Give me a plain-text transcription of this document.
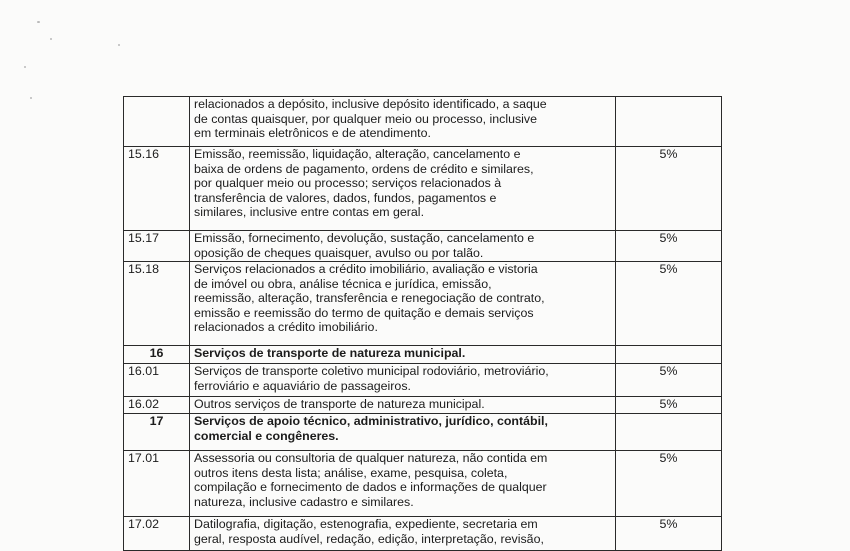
	relacionados a depósito, inclusive depósito identificado, a saque
de contas quaisquer, por qualquer meio ou processo, inclusive
em terminais eletrônicos e de atendimento.	
15.16	Emissão, reemissão, liquidação, alteração, cancelamento e
baixa de ordens de pagamento, ordens de crédito e similares,
por qualquer meio ou processo; serviços relacionados à
transferência de valores, dados, fundos, pagamentos e
similares, inclusive entre contas em geral.	5%
15.17	Emissão, fornecimento, devolução, sustação, cancelamento e
oposição de cheques quaisquer, avulso ou por talão.	5%
15.18	Serviços relacionados a crédito imobiliário, avaliação e vistoria
de imóvel ou obra, análise técnica e jurídica, emissão,
reemissão, alteração, transferência e renegociação de contrato,
emissão e reemissão do termo de quitação e demais serviços
relacionados a crédito imobiliário.	5%
16	Serviços de transporte de natureza municipal.	
16.01	Serviços de transporte coletivo municipal rodoviário, metroviário,
ferroviário e aquaviário de passageiros.	5%
16.02	Outros serviços de transporte de natureza municipal.	5%
17	Serviços de apoio técnico, administrativo, jurídico, contábil,
comercial e congêneres.	
17.01	Assessoria ou consultoria de qualquer natureza, não contida em
outros itens desta lista; análise, exame, pesquisa, coleta,
compilação e fornecimento de dados e informações de qualquer
natureza, inclusive cadastro e similares.	5%
17.02	Datilografia, digitação, estenografia, expediente, secretaria em
geral, resposta audível, redação, edição, interpretação, revisão,	5%
